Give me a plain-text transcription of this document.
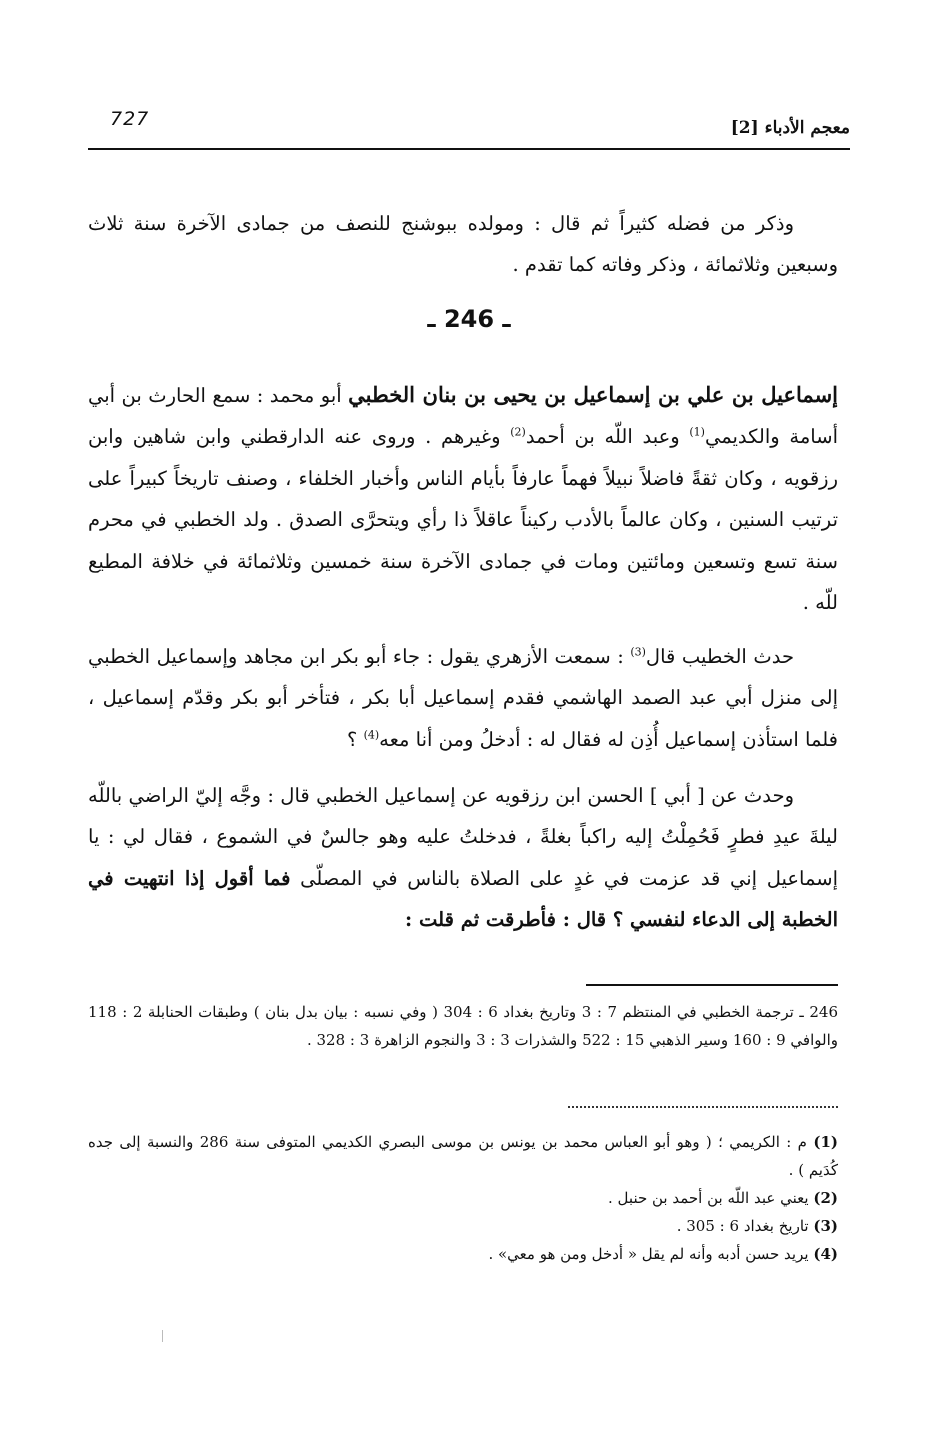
معجم الأدباء [2]
727

وذكر من فضله كثيراً ثم قال : ومولده ببوشنج للنصف من جمادى الآخرة سنة ثلاث وسبعين وثلاثمائة ، وذكر وفاته كما تقدم .

ـ 246 ـ

إسماعيل بن علي بن إسماعيل بن يحيى بن بنان الخطبي أبو محمد : سمع الحارث بن أبي أسامة والكديمي$^{(1)}$ وعبد اللّه بن أحمد$^{(2)}$ وغيرهم . وروى عنه الدارقطني وابن شاهين وابن رزقويه ، وكان ثقةً فاضلاً نبيلاً فهماً عارفاً بأيام الناس وأخبار الخلفاء ، وصنف تاريخاً كبيراً على ترتيب السنين ، وكان عالماً بالأدب ركيناً عاقلاً ذا رأي ويتحرَّى الصدق . ولد الخطبي في محرم سنة تسع وتسعين ومائتين ومات في جمادى الآخرة سنة خمسين وثلاثمائة في خلافة المطيع للّه .

حدث الخطيب قال$^{(3)}$ : سمعت الأزهري يقول : جاء أبو بكر ابن مجاهد وإسماعيل الخطبي إلى منزل أبي عبد الصمد الهاشمي فقدم إسماعيل أبا بكر ، فتأخر أبو بكر وقدّم إسماعيل ، فلما استأذن إسماعيل أُذِن له فقال له : أدخلُ ومن أنا معه$^{(4)}$ ؟

وحدث عن [ أبي ] الحسن ابن رزقويه عن إسماعيل الخطبي قال : وجَّه إليّ الراضي باللّه ليلةَ عيدِ فطرٍ فَحُمِلْتُ إليه راكباً بغلةً ، فدخلتُ عليه وهو جالسٌ في الشموع ، فقال لي : يا إسماعيل إني قد عزمت في غدٍ على الصلاة بالناس في المصلّى فما أقول إذا انتهيت في الخطبة إلى الدعاء لنفسي ؟ قال : فأطرقت ثم قلت :

246 ـ ترجمة الخطبي في المنتظم 7 : 3 وتاريخ بغداد 6 : 304 ( وفي نسبه : بيان بدل بنان ) وطبقات الحنابلة 2 : 118 والوافي 9 : 160 وسير الذهبي 15 : 522 والشذرات 3 : 3 والنجوم الزاهرة 3 : 328 .

(1) م : الكريمي ؛ ( وهو أبو العباس محمد بن يونس بن موسى البصري الكديمي المتوفى سنة 286 والنسبة إلى جده كُدَيم ) .
(2) يعني عبد اللّه بن أحمد بن حنبل .
(3) تاريخ بغداد 6 : 305 .
(4) يريد حسن أدبه وأنه لم يقل « أدخل ومن هو معي» .
